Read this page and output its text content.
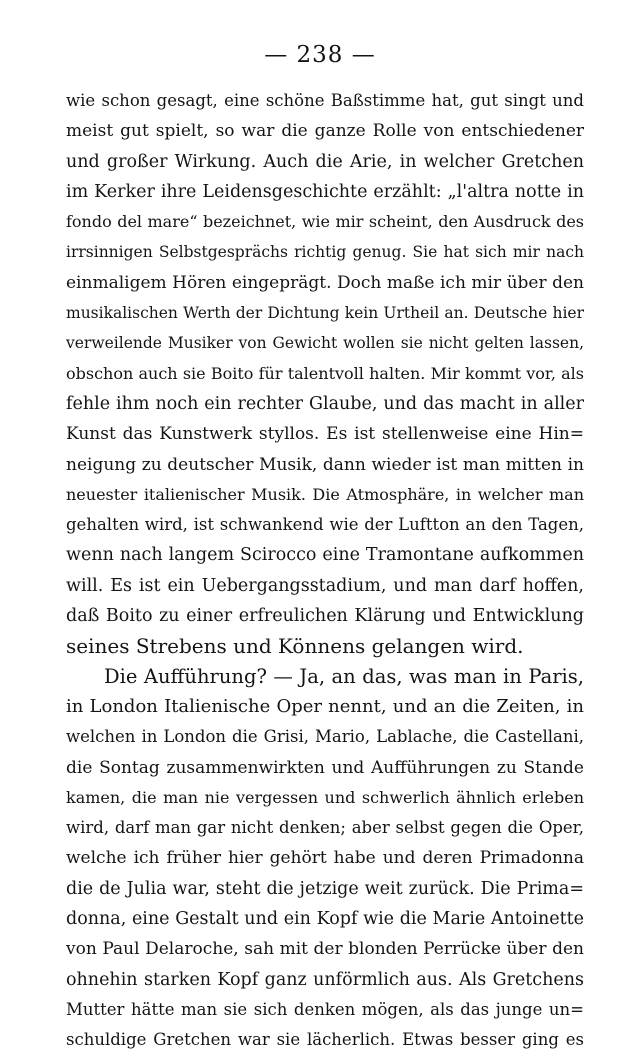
— 238 —
wie schon gesagt, eine schöne Baßstimme hat, gut singt und
meist gut spielt, so war die ganze Rolle von entschiedener
und großer Wirkung. Auch die Arie, in welcher Gretchen
im Kerker ihre Leidensgeschichte erzählt: „l'altra notte in
fondo del mare“ bezeichnet, wie mir scheint, den Ausdruck des
irrsinnigen Selbstgesprächs richtig genug. Sie hat sich mir nach
einmaligem Hören eingeprägt. Doch maße ich mir über den
musikalischen Werth der Dichtung kein Urtheil an. Deutsche hier
verweilende Musiker von Gewicht wollen sie nicht gelten lassen,
obschon auch sie Boito für talentvoll halten. Mir kommt vor, als
fehle ihm noch ein rechter Glaube, und das macht in aller
Kunst das Kunstwerk styllos. Es ist stellenweise eine Hin=
neigung zu deutscher Musik, dann wieder ist man mitten in
neuester italienischer Musik. Die Atmosphäre, in welcher man
gehalten wird, ist schwankend wie der Luftton an den Tagen,
wenn nach langem Scirocco eine Tramontane aufkommen
will. Es ist ein Uebergangsstadium, und man darf hoffen,
daß Boito zu einer erfreulichen Klärung und Entwicklung
seines Strebens und Könnens gelangen wird.
Die Aufführung? — Ja, an das, was man in Paris,
in London Italienische Oper nennt, und an die Zeiten, in
welchen in London die Grisi, Mario, Lablache, die Castellani,
die Sontag zusammenwirkten und Aufführungen zu Stande
kamen, die man nie vergessen und schwerlich ähnlich erleben
wird, darf man gar nicht denken; aber selbst gegen die Oper,
welche ich früher hier gehört habe und deren Primadonna
die de Julia war, steht die jetzige weit zurück. Die Prima=
donna, eine Gestalt und ein Kopf wie die Marie Antoinette
von Paul Delaroche, sah mit der blonden Perrücke über den
ohnehin starken Kopf ganz unförmlich aus. Als Gretchens
Mutter hätte man sie sich denken mögen, als das junge un=
schuldige Gretchen war sie lächerlich. Etwas besser ging es
